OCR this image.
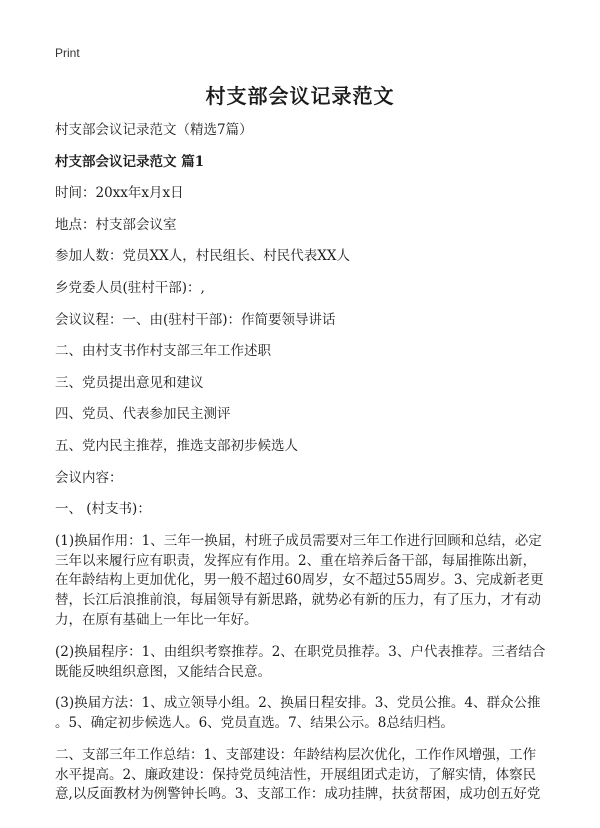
Print
村支部会议记录范文
村支部会议记录范文（精选7篇）
村支部会议记录范文 篇1
时间：20xx年x月x日
地点：村支部会议室
参加人数：党员XX人，村民组长、村民代表XX人
乡党委人员(驻村干部)：,
会议议程：一、由(驻村干部)：作简要领导讲话
二、由村支书作村支部三年工作述职
三、党员提出意见和建议
四、党员、代表参加民主测评
五、党内民主推荐，推选支部初步候选人
会议内容：
一、 (村支书)：
(1)换届作用：1、三年一换届，村班子成员需要对三年工作进行回顾和总结，必定
三年以来履行应有职责，发挥应有作用。2、重在培养后备干部，每届推陈出新，
在年龄结构上更加优化，男一般不超过60周岁，女不超过55周岁。3、完成新老更
替，长江后浪推前浪，每届领导有新思路，就势必有新的压力，有了压力，才有动
力，在原有基础上一年比一年好。
(2)换届程序：1、由组织考察推荐。2、在职党员推荐。3、户代表推荐。三者结合
既能反映组织意图，又能结合民意。
(3)换届方法：1、成立领导小组。2、换届日程安排。3、党员公推。4、群众公推
。5、确定初步候选人。6、党员直选。7、结果公示。8总结归档。
二、支部三年工作总结：1、支部建设：年龄结构层次优化，工作作风增强，工作
水平提高。2、廉政建设：保持党员纯洁性，开展组团式走访，了解实情，体察民
意,以反面教材为例警钟长鸣。3、支部工作：成功挂牌，扶贫帮困，成功创五好党
